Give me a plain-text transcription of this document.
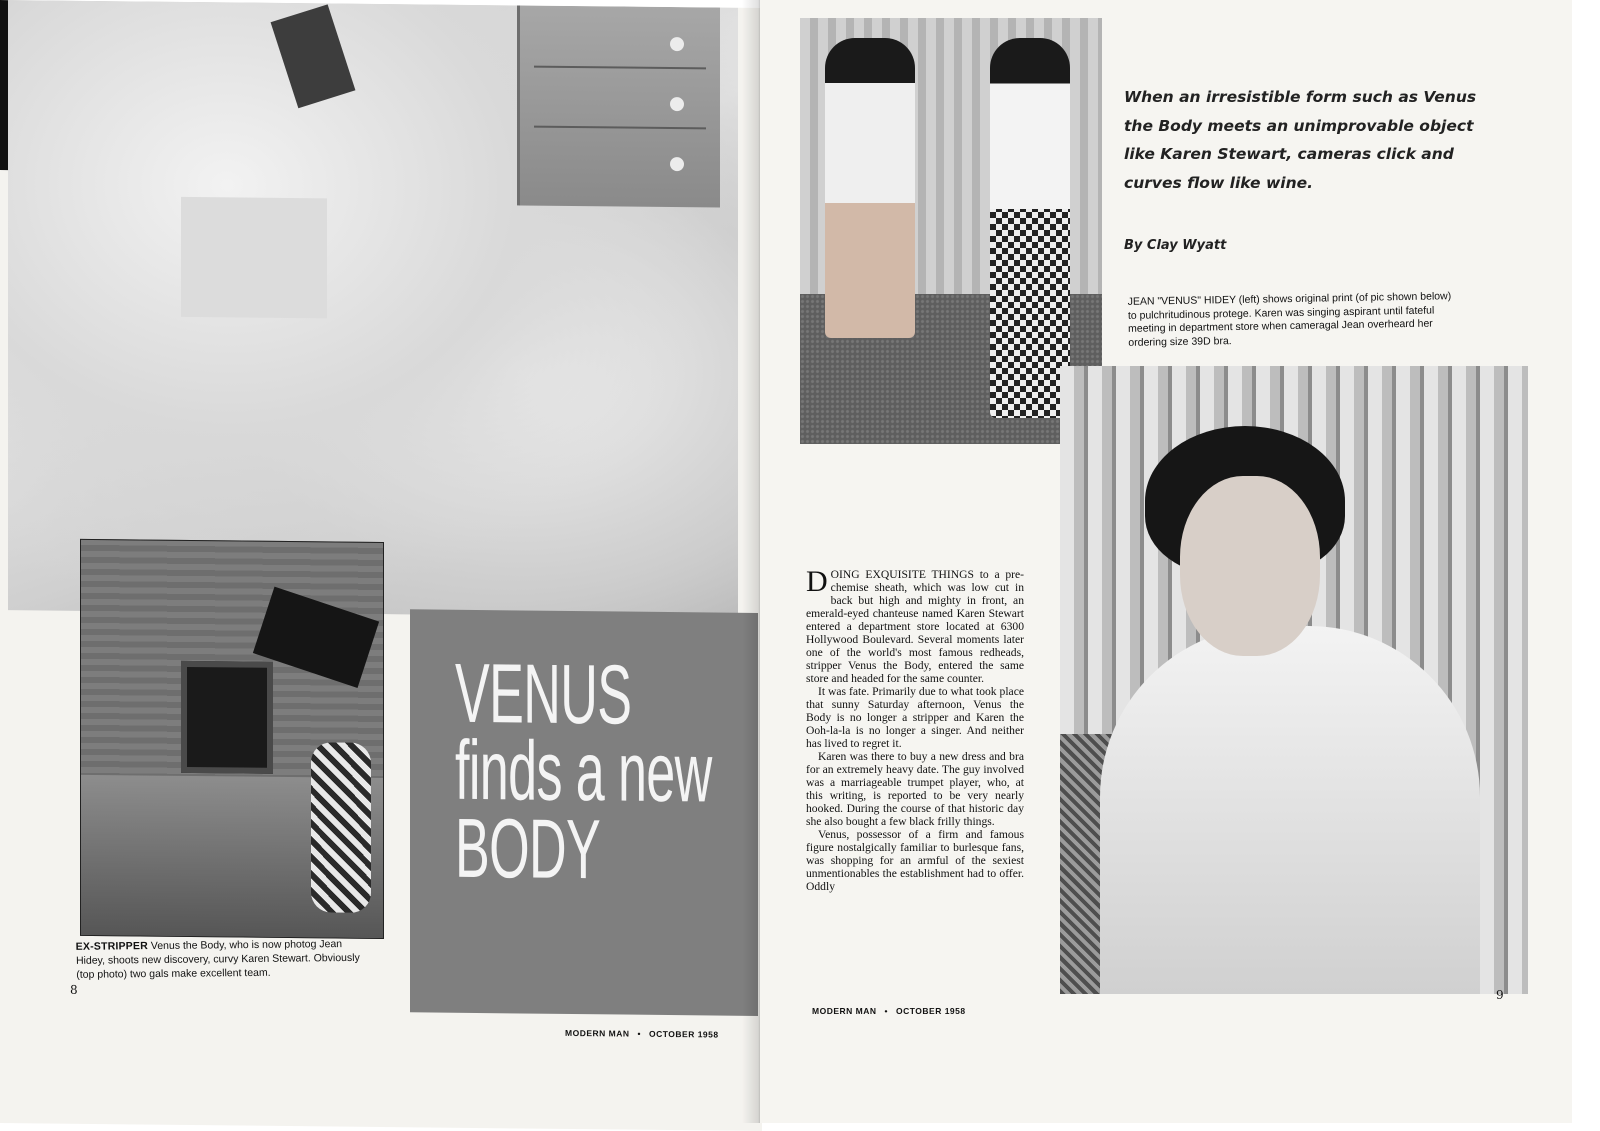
VENUS
finds a new
BODY
EX-STRIPPER Venus the Body, who is now photog Jean Hidey, shoots new discovery, curvy Karen Stewart. Obviously (top photo) two gals make excellent team.
8
MODERN MAN • OCTOBER 1958
When an irresistible form such as Venus the Body meets an unimprovable object like Karen Stewart, cameras click and curves flow like wine.
By Clay Wyatt
JEAN "VENUS" HIDEY (left) shows original print (of pic shown below) to pulchritudinous protege. Karen was singing aspirant until fateful meeting in department store when cameragal Jean overheard her ordering size 39D bra.

DOING EXQUISITE THINGS to a pre-chemise sheath, which was low cut in back but high and mighty in front, an emerald-eyed chanteuse named Karen Stewart entered a department store located at 6300 Hollywood Boulevard. Several moments later one of the world's most famous redheads, stripper Venus the Body, entered the same store and headed for the same counter.

It was fate. Primarily due to what took place that sunny Saturday afternoon, Venus the Body is no longer a stripper and Karen the Ooh-la-la is no longer a singer. And neither has lived to regret it.

Karen was there to buy a new dress and bra for an extremely heavy date. The guy involved was a marriageable trumpet player, who, at this writing, is reported to be very nearly hooked. During the course of that historic day she also bought a few black frilly things.

Venus, possessor of a firm and famous figure nostalgically familiar to burlesque fans, was shopping for an armful of the sexiest unmentionables the establishment had to offer. Oddly

MODERN MAN • OCTOBER 1958
9
